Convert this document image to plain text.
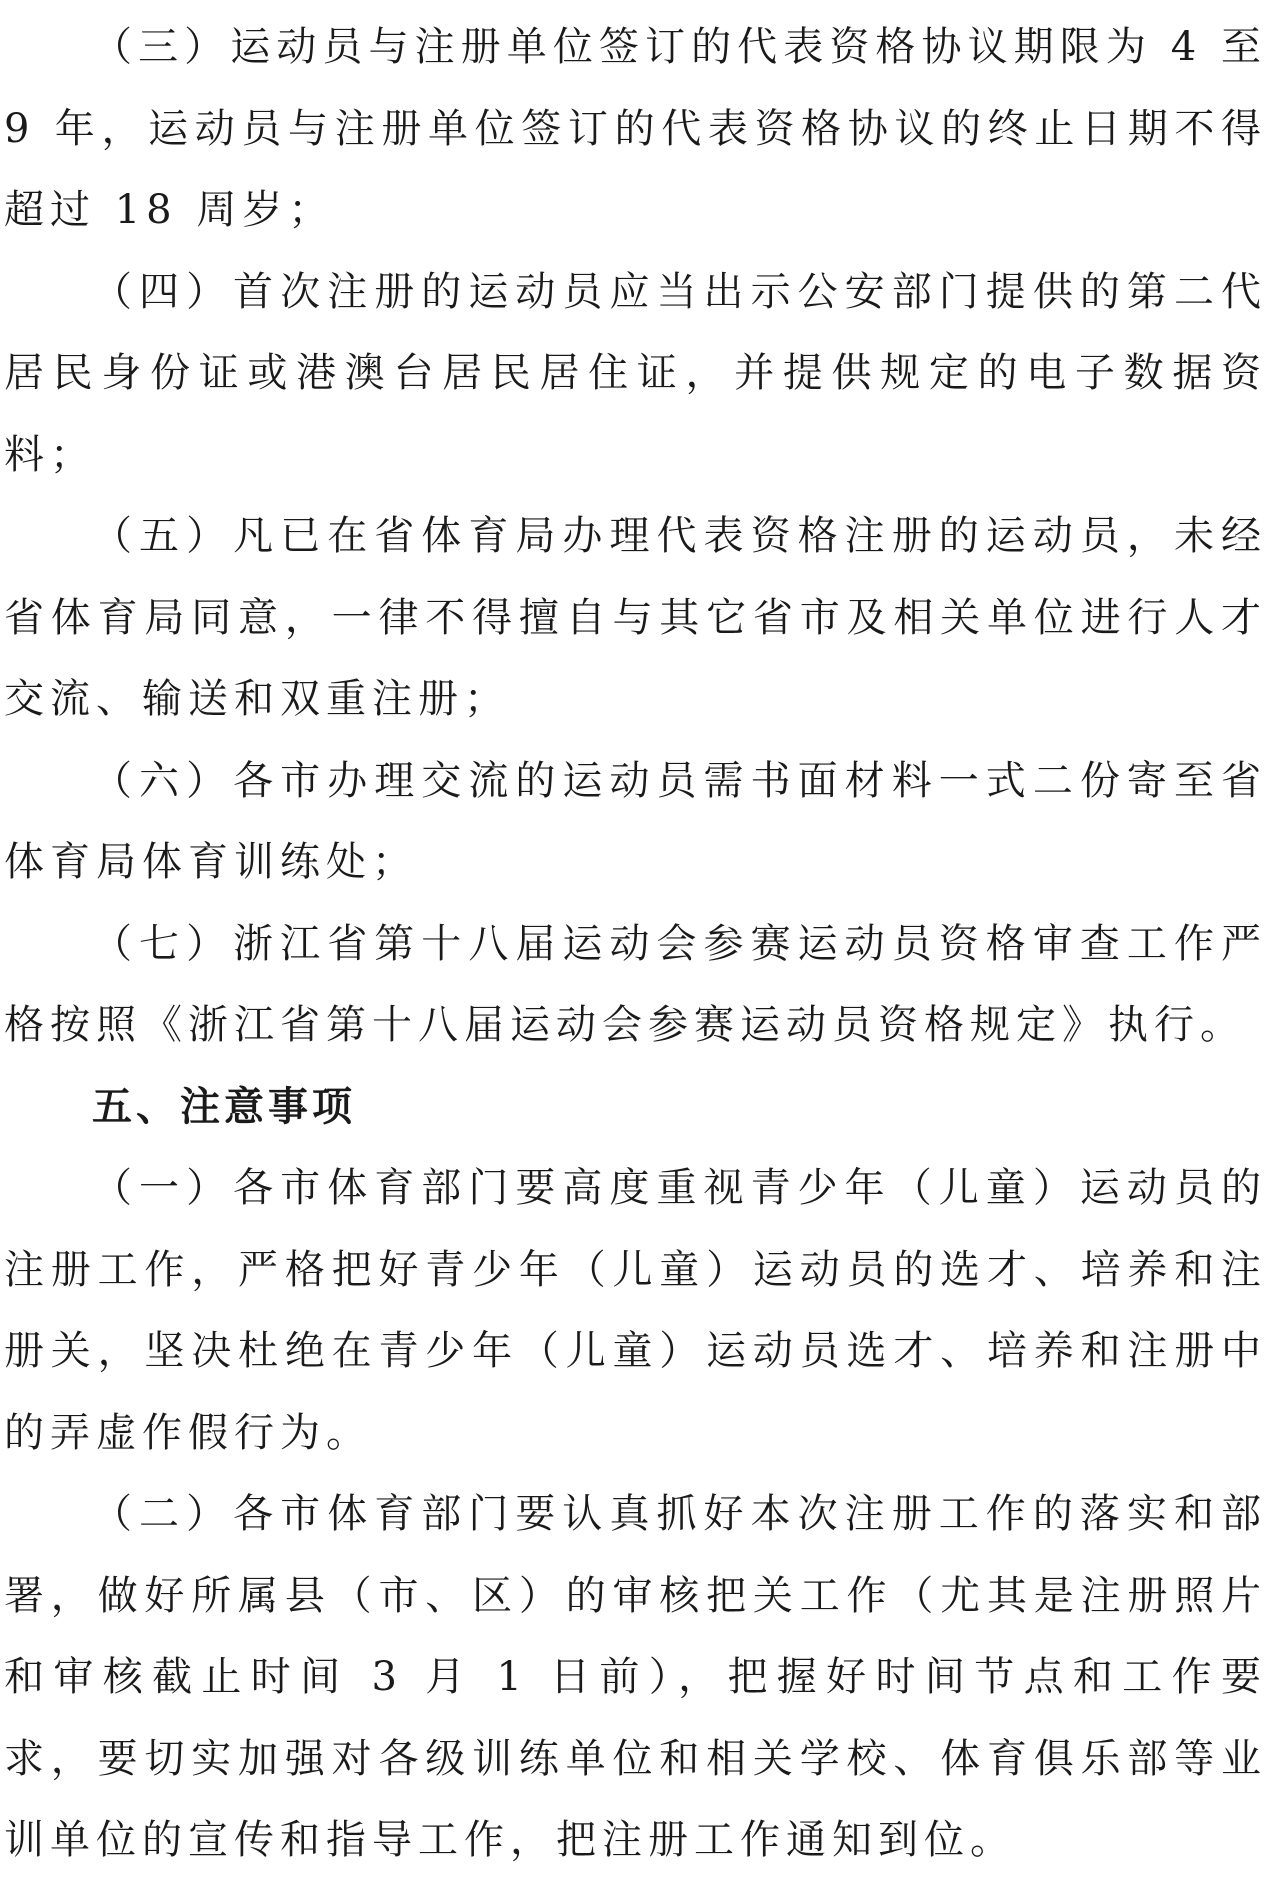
（三）运动员与注册单位签订的代表资格协议期限为 4 至 9 年，运动员与注册单位签订的代表资格协议的终止日期不得超过 18 周岁；

（四）首次注册的运动员应当出示公安部门提供的第二代居民身份证或港澳台居民居住证，并提供规定的电子数据资料；

（五）凡已在省体育局办理代表资格注册的运动员，未经省体育局同意，一律不得擅自与其它省市及相关单位进行人才交流、输送和双重注册；

（六）各市办理交流的运动员需书面材料一式二份寄至省体育局体育训练处；

（七）浙江省第十八届运动会参赛运动员资格审查工作严格按照《浙江省第十八届运动会参赛运动员资格规定》执行。

五、注意事项

（一）各市体育部门要高度重视青少年（儿童）运动员的注册工作，严格把好青少年（儿童）运动员的选才、培养和注册关，坚决杜绝在青少年（儿童）运动员选才、培养和注册中的弄虚作假行为。

（二）各市体育部门要认真抓好本次注册工作的落实和部署，做好所属县（市、区）的审核把关工作（尤其是注册照片和审核截止时间 3 月 1 日前），把握好时间节点和工作要求，要切实加强对各级训练单位和相关学校、体育俱乐部等业训单位的宣传和指导工作，把注册工作通知到位。
